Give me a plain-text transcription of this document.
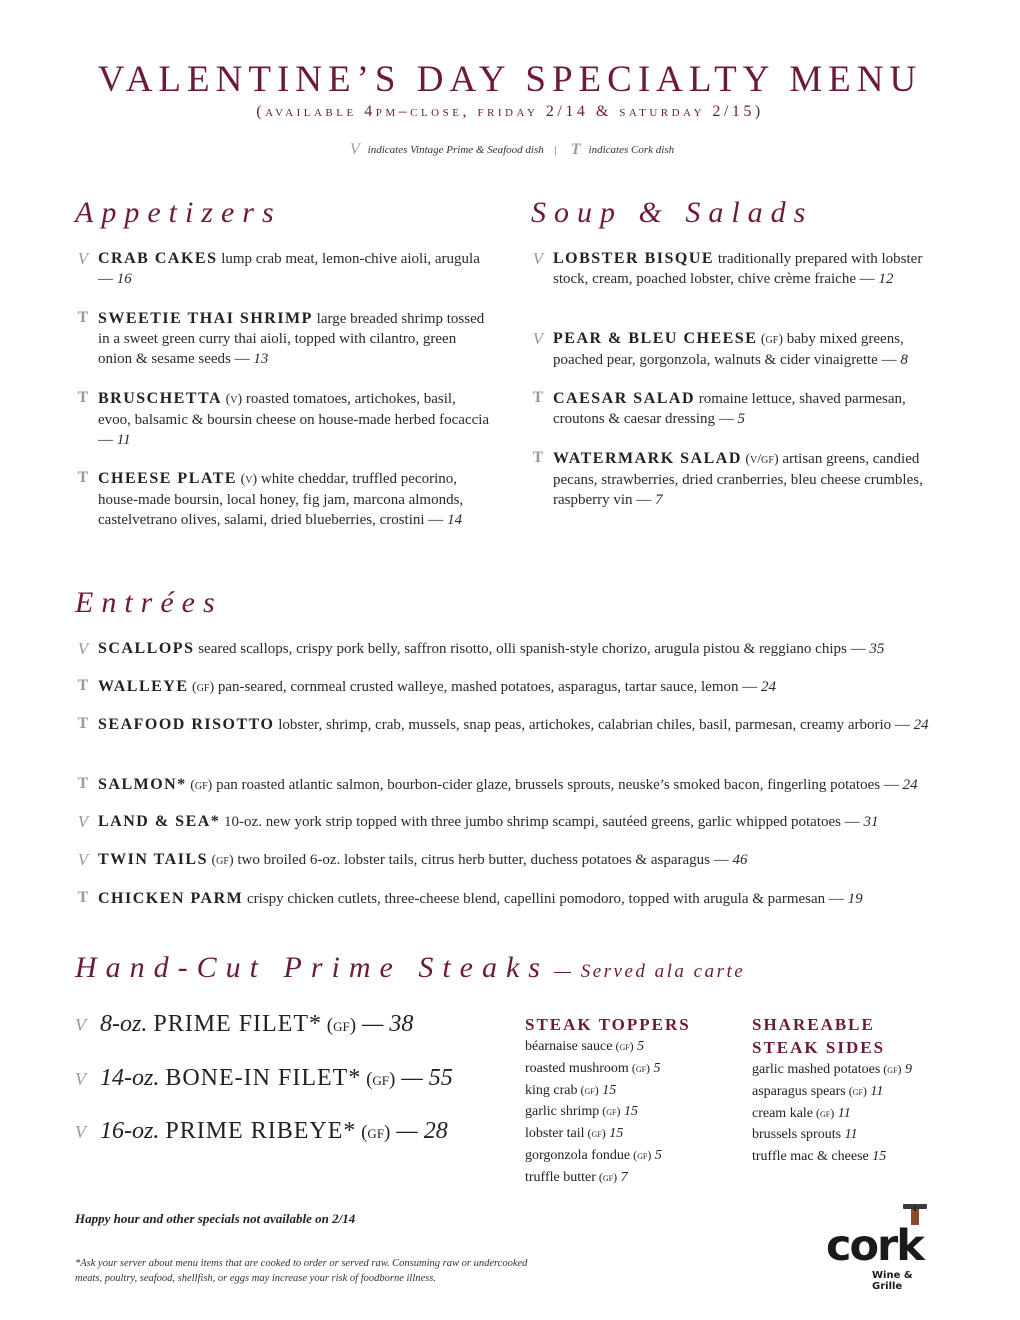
VALENTINE’S DAY SPECIALTY MENU
(available 4pm–close, friday 2/14 & saturday 2/15)
V indicates Vintage Prime & Seafood dish | T indicates Cork dish
Appetizers
V CRAB CAKES lump crab meat, lemon-chive aioli, arugula — 16
T SWEETIE THAI SHRIMP large breaded shrimp tossed in a sweet green curry thai aioli, topped with cilantro, green onion & sesame seeds — 13
T BRUSCHETTA (v) roasted tomatoes, artichokes, basil, evoo, balsamic & boursin cheese on house-made herbed focaccia — 11
T CHEESE PLATE (v) white cheddar, truffled pecorino, house-made boursin, local honey, fig jam, marcona almonds, castelvetrano olives, salami, dried blueberries, crostini — 14
Soup & Salads
V LOBSTER BISQUE traditionally prepared with lobster stock, cream, poached lobster, chive crème fraiche — 12
V PEAR & BLEU CHEESE (gf) baby mixed greens, poached pear, gorgonzola, walnuts & cider vinaigrette — 8
T CAESAR SALAD romaine lettuce, shaved parmesan, croutons & caesar dressing — 5
T WATERMARK SALAD (v/gf) artisan greens, candied pecans, strawberries, dried cranberries, bleu cheese crumbles, raspberry vin — 7
Entrées
V SCALLOPS seared scallops, crispy pork belly, saffron risotto, olli spanish-style chorizo, arugula pistou & reggiano chips — 35
T WALLEYE (gf) pan-seared, cornmeal crusted walleye, mashed potatoes, asparagus, tartar sauce, lemon — 24
T SEAFOOD RISOTTO lobster, shrimp, crab, mussels, snap peas, artichokes, calabrian chiles, basil, parmesan, creamy arborio — 24
T SALMON* (gf) pan roasted atlantic salmon, bourbon-cider glaze, brussels sprouts, neuske’s smoked bacon, fingerling potatoes — 24
V LAND & SEA* 10-oz. new york strip topped with three jumbo shrimp scampi, sautéed greens, garlic whipped potatoes — 31
V TWIN TAILS (gf) two broiled 6-oz. lobster tails, citrus herb butter, duchess potatoes & asparagus — 46
T CHICKEN PARM crispy chicken cutlets, three-cheese blend, capellini pomodoro, topped with arugula & parmesan — 19
Hand-Cut Prime Steaks — Served ala carte
V 8-oz. PRIME FILET* (gf) — 38
V 14-oz. BONE-IN FILET* (gf) — 55
V 16-oz. PRIME RIBEYE* (gf) — 28
STEAK TOPPERS
béarnaise sauce (gf) 5
roasted mushroom (gf) 5
king crab (gf) 15
garlic shrimp (gf) 15
lobster tail (gf) 15
gorgonzola fondue (gf) 5
truffle butter (gf) 7
SHAREABLE
STEAK SIDES
garlic mashed potatoes (gf) 9
asparagus spears (gf) 11
cream kale (gf) 11
brussels sprouts 11
truffle mac & cheese 15
Happy hour and other specials not available on 2/14
*Ask your server about menu items that are cooked to order or served raw. Consuming raw or undercooked meats, poultry, seafood, shellfish, or eggs may increase your risk of foodborne illness.
cork
Wine & Grille
